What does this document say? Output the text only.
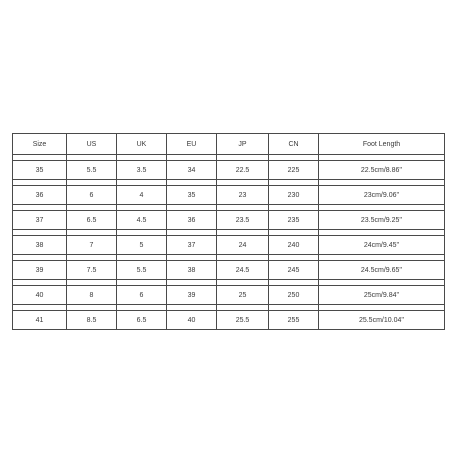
Size	US	UK	EU	JP	CN	Foot Length

35	5.5	3.5	34	22.5	225	22.5cm/8.86''

36	6	4	35	23	230	23cm/9.06''

37	6.5	4.5	36	23.5	235	23.5cm/9.25''

38	7	5	37	24	240	24cm/9.45''

39	7.5	5.5	38	24.5	245	24.5cm/9.65''

40	8	6	39	25	250	25cm/9.84''

41	8.5	6.5	40	25.5	255	25.5cm/10.04''
